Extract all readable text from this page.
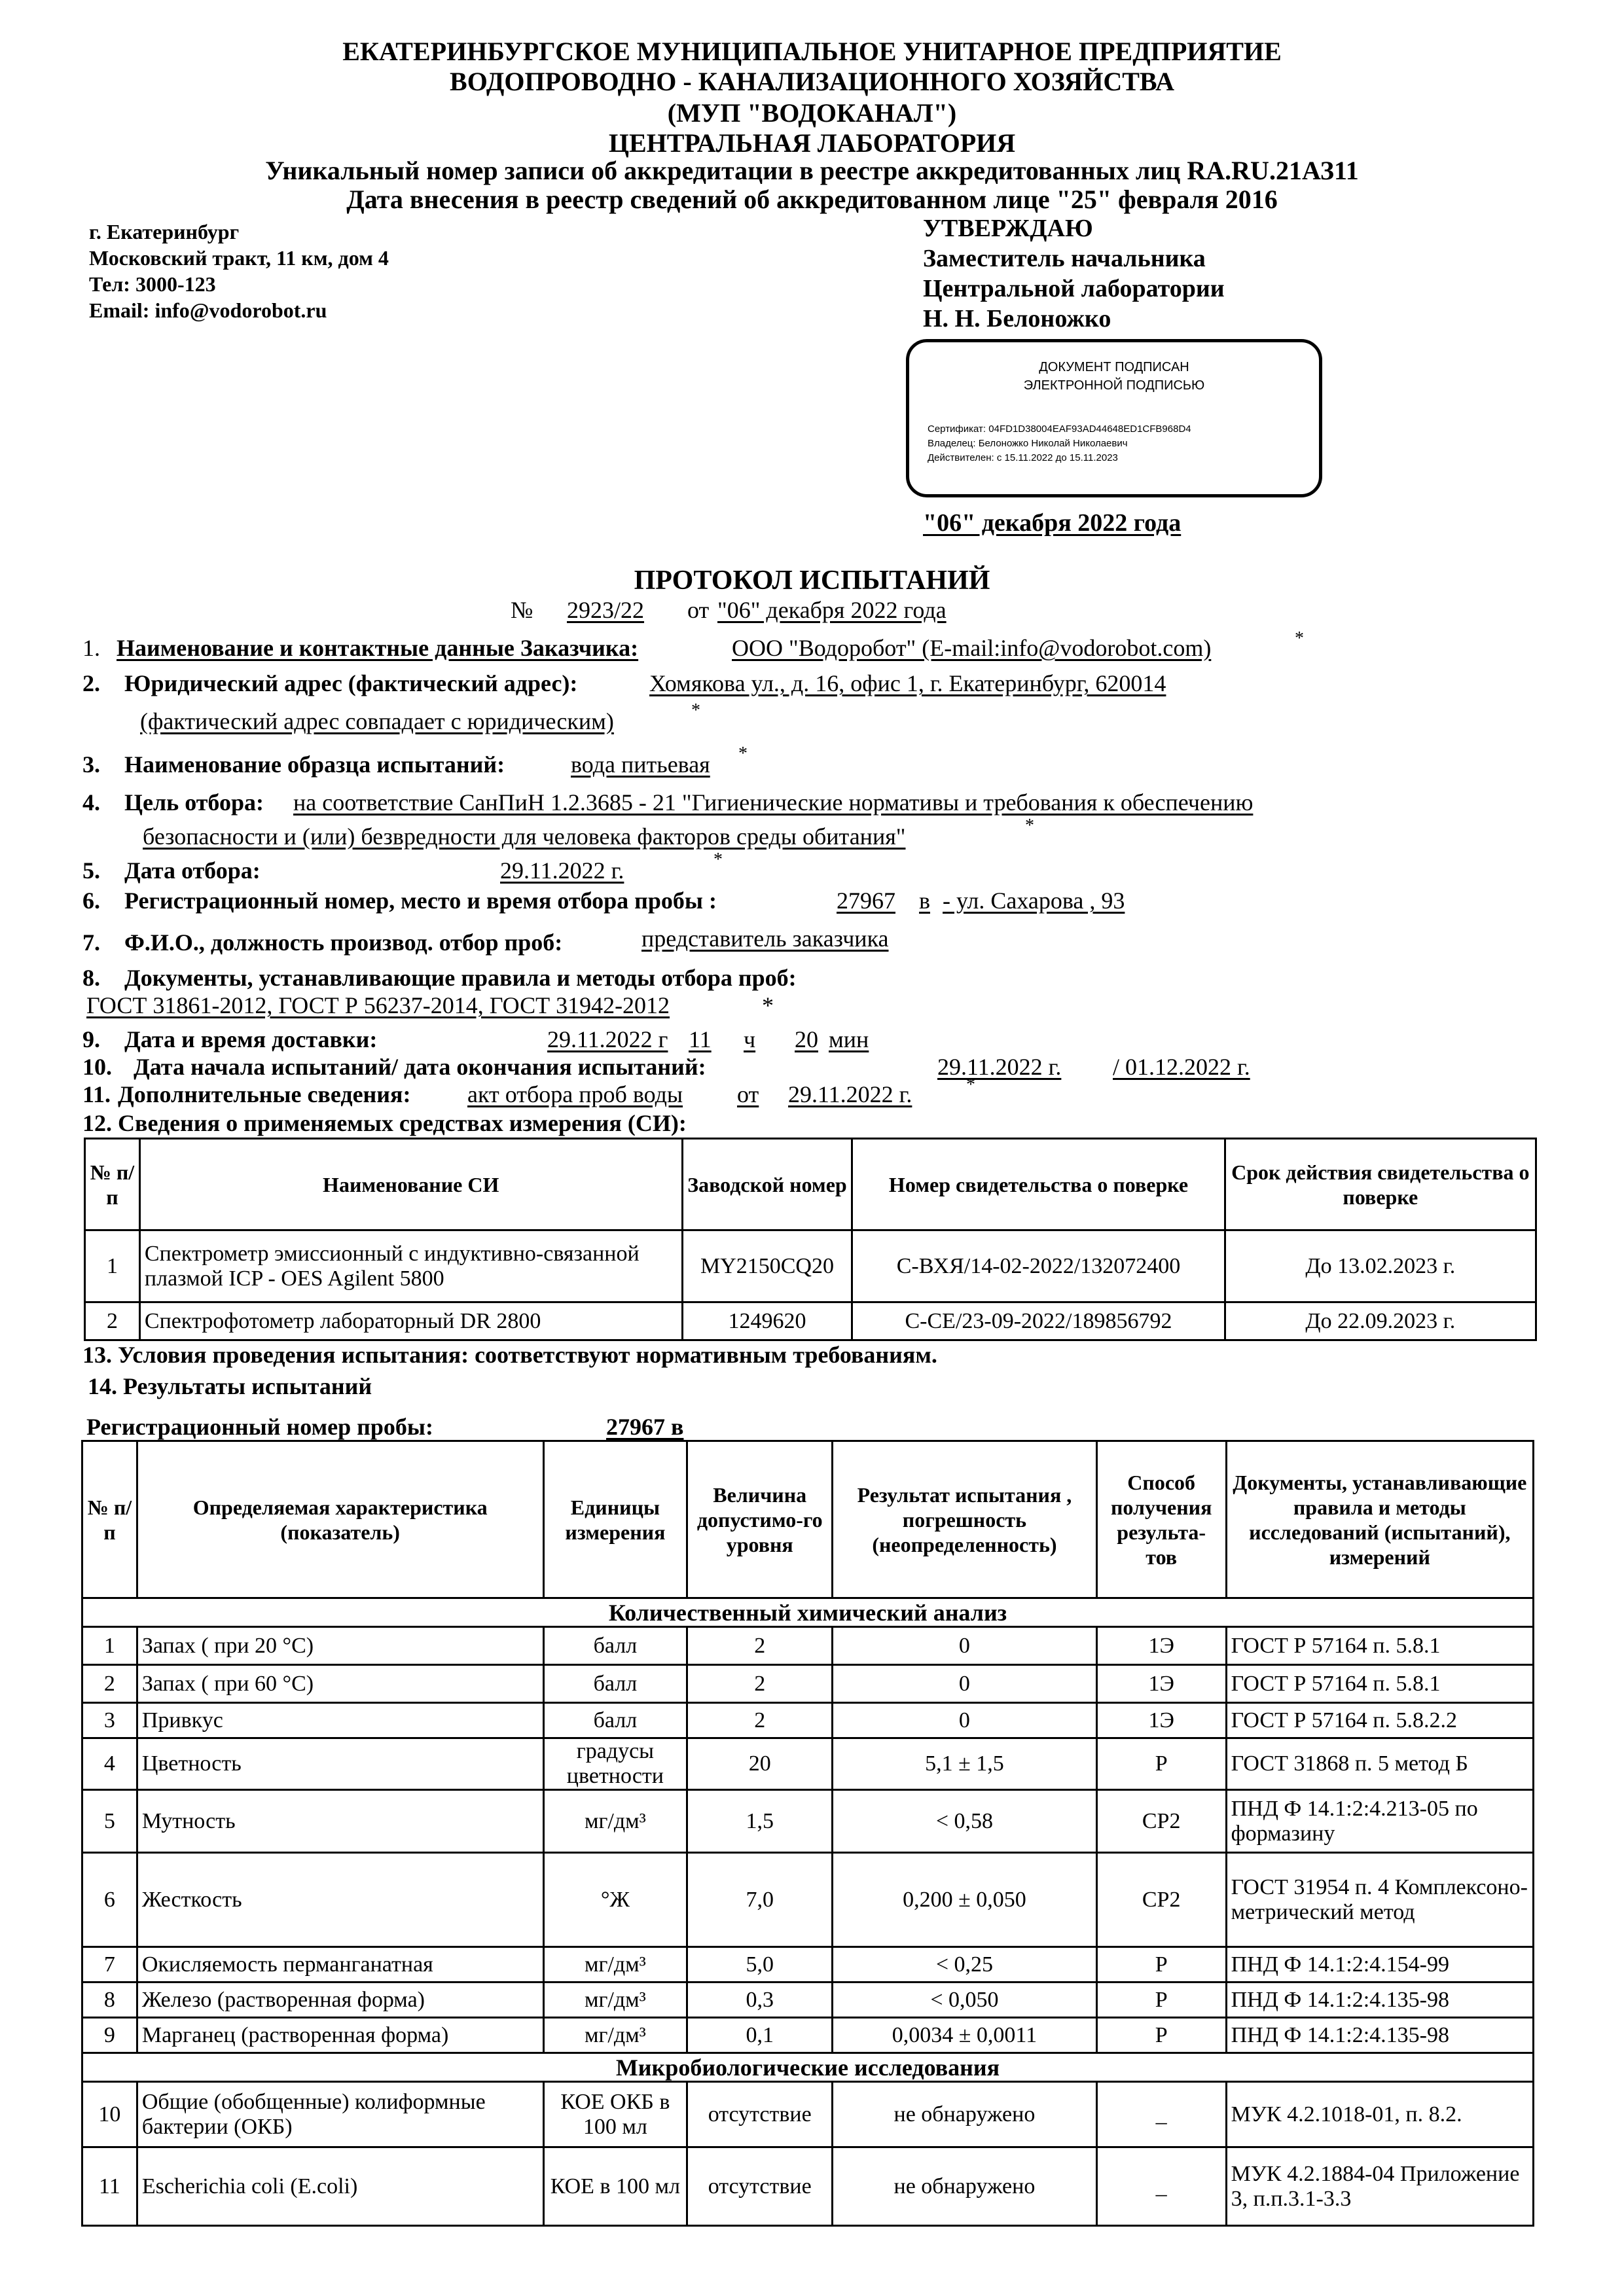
ЕКАТЕРИНБУРГСКОЕ МУНИЦИПАЛЬНОЕ УНИТАРНОЕ ПРЕДПРИЯТИЕ
ВОДОПРОВОДНО - КАНАЛИЗАЦИОННОГО ХОЗЯЙСТВА
(МУП "ВОДОКАНАЛ")
ЦЕНТРАЛЬНАЯ ЛАБОРАТОРИЯ
Уникальный номер записи об аккредитации в реестре аккредитованных лиц RA.RU.21АЗ11
Дата внесения в реестр сведений об аккредитованном лице "25" февраля 2016
г. Екатеринбург
Московский тракт, 11 км, дом 4
Тел: 3000-123
Email: info@vodorobot.ru
УТВЕРЖДАЮ
Заместитель начальника
Центральной лаборатории
Н. Н. Белоножко
ДОКУМЕНТ ПОДПИСАН
ЭЛЕКТРОННОЙ ПОДПИСЬЮ
Сертификат: 04FD1D38004EAF93AD44648ED1CFB968D4
Владелец: Белоножко Николай Николаевич
Действителен: с 15.11.2022 до 15.11.2023
"06" декабря 2022 года
ПРОТОКОЛ ИСПЫТАНИЙ
№ 2923/22 от "06" декабря 2022 года
1. Наименование и контактные данные Заказчика:	ООО "Водоробот" (E-mail:info@vodorobot.com)	*
2. Юридический адрес (фактический адрес):	Хомякова ул., д. 16, офис 1, г. Екатеринбург, 620014
(фактический адрес совпадает с юридическим)	*
3. Наименование образца испытаний:	вода питьевая *
4. Цель отбора: на соответствие СанПиН 1.2.3685 - 21 "Гигиенические нормативы и требования к обеспечению
безопасности и (или) безвредности для человека факторов среды обитания"	*
5. Дата отбора:	29.11.2022 г.	*
6. Регистрационный номер, место и время отбора пробы :	27967 в - ул. Сахарова , 93
7. Ф.И.О., должность производ. отбор проб:	представитель заказчика
8. Документы, устанавливающие правила и методы отбора проб:
ГОСТ 31861-2012, ГОСТ Р 56237-2014, ГОСТ 31942-2012	*
9. Дата и время доставки:	29.11.2022 г 11	ч	20 мин
10. Дата начала испытаний/ дата окончания испытаний:	29.11.2022 г.	/ 01.12.2022 г.
11. Дополнительные сведения: акт отбора проб воды	от	29.11.2022 г.	*
12. Сведения о применяемых средствах измерения (СИ):
№ п/п	Наименование СИ	Заводской номер	Номер свидетельства о поверке	Срок действия свидетельства о поверке
1	Спектрометр эмиссионный с индуктивно-связанной плазмой ICP - OES Agilent 5800	MY2150CQ20	С-ВХЯ/14-02-2022/132072400	До 13.02.2023 г.
2	Спектрофотометр лабораторный DR 2800	1249620	С-СЕ/23-09-2022/189856792	До 22.09.2023 г.
13. Условия проведения испытания: соответствуют нормативным требованиям.
14. Результаты испытаний
Регистрационный номер пробы:	27967 в
№ п/п	Определяемая характеристика (показатель)	Единицы измерения	Величина допустимо-го уровня	Результат испытания , погрешность (неопределенность)	Способ получения результа-тов	Документы, устанавливающие правила и методы исследований (испытаний), измерений
Количественный химический анализ						
1	Запах ( при 20 °С)	балл	2	0	1Э	ГОСТ Р 57164 п. 5.8.1
2	Запах ( при 60 °С)	балл	2	0	1Э	ГОСТ Р 57164 п. 5.8.1
3	Привкус	балл	2	0	1Э	ГОСТ Р 57164 п. 5.8.2.2
4	Цветность	градусы цветности	20	5,1 ± 1,5	Р	ГОСТ 31868 п. 5 метод Б
5	Мутность	мг/дм³	1,5	< 0,58	СР2	ПНД Ф 14.1:2:4.213-05 по формазину
6	Жесткость	°Ж	7,0	0,200 ± 0,050	СР2	ГОСТ 31954 п. 4 Комплексоно-метрический метод
7	Окисляемость перманганатная	мг/дм³	5,0	< 0,25	Р	ПНД Ф 14.1:2:4.154-99
8	Железо (растворенная форма)	мг/дм³	0,3	< 0,050	Р	ПНД Ф 14.1:2:4.135-98
9	Марганец (растворенная форма)	мг/дм³	0,1	0,0034 ± 0,0011	Р	ПНД Ф 14.1:2:4.135-98
Микробиологические исследования						
10	Общие (обобщенные) колиформные бактерии (ОКБ)	КОЕ ОКБ в 100 мл	отсутствие	не обнаружено	_	МУК 4.2.1018-01, п. 8.2.
11	Escherichia coli (E.coli)	КОЕ в 100 мл	отсутствие	не обнаружено	_	МУК 4.2.1884-04 Приложение 3, п.п.3.1-3.3
